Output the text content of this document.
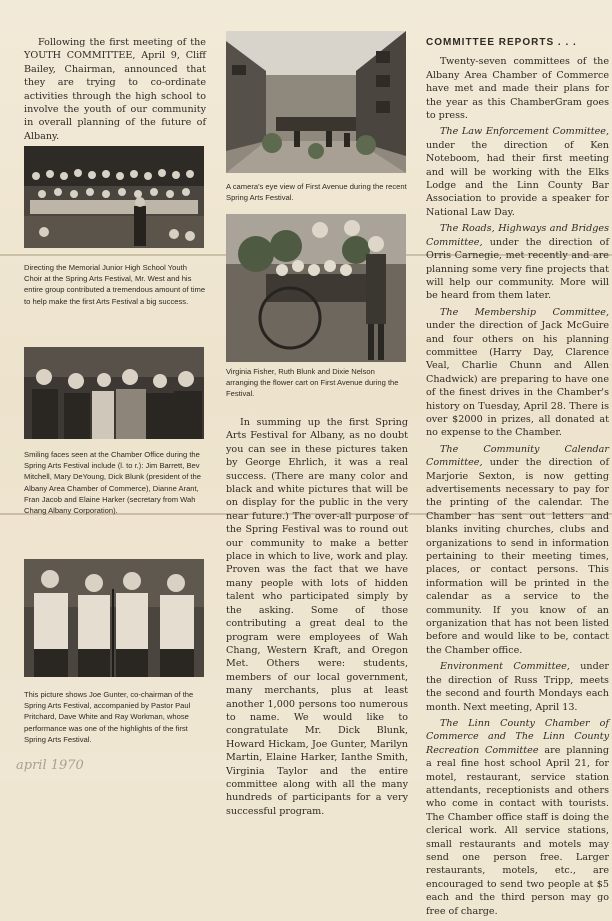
Following the first meeting of the YOUTH COMMITTEE, April 9, Cliff Bailey, Chairman, announced that they are trying to co-ordinate activities through the high school to involve the youth of our community in overall planning of the future of Albany.

Directing the Memorial Junior High School Youth Choir at the Spring Arts Festival, Mr. West and his entire group contributed a tremendous amount of time to help make the first Arts Festival a big success.
Smiling faces seen at the Chamber Office during the Spring Arts Festival include (l. to r.): Jim Barrett, Bev Mitchell, Mary DeYoung, Dick Blunk (president of the Albany Area Chamber of Commerce), Dianne Arant, Fran Jacob and Elaine Harker (secretary from Wah Chang Albany Corporation).
This picture shows Joe Gunter, co-chairman of the Spring Arts Festival, accompanied by Pastor Paul Pritchard, Dave White and Ray Workman, whose performance was one of the highlights of the first Spring Arts Festival.
A camera's eye view of First Avenue during the recent Spring Arts Festival.
Virginia Fisher, Ruth Blunk and Dixie Nelson arranging the flower cart on First Avenue during the Festival.

In summing up the first Spring Arts Festival for Albany, as no doubt you can see in these pictures taken by George Ehrlich, it was a real success. (There are many color and black and white pictures that will be on display for the public in the very near future.) The over-all purpose of the Spring Festival was to round out our community to make a better place in which to live, work and play. Proven was the fact that we have many people with lots of hidden talent who participated simply by the asking. Some of those contributing a great deal to the program were employees of Wah Chang, Western Kraft, and Oregon Met. Others were: students, members of our local government, many merchants, plus at least another 1,000 persons too numerous to name. We would like to congratulate Mr. Dick Blunk, Howard Hickam, Joe Gunter, Marilyn Martin, Elaine Harker, Ianthe Smith, Virginia Taylor and the entire committee along with all the many hundreds of participants for a very successful program.

COMMITTEE REPORTS . . .

Twenty-seven committees of the Albany Area Chamber of Commerce have met and made their plans for the year as this ChamberGram goes to press.

The Law Enforcement Committee, under the direction of Ken Noteboom, had their first meeting and will be working with the Elks Lodge and the Linn County Bar Association to provide a speaker for National Law Day.

The Roads, Highways and Bridges Committee, under the direction of Orris Carnegie, met recently and are planning some very fine projects that will help our community. More will be heard from them later.

The Membership Committee, under the direction of Jack McGuire and four others on his planning committee (Harry Day, Clarence Veal, Charlie Chunn and Allen Chadwick) are preparing to have one of the finest drives in the Chamber's history on Tuesday, April 28. There is over $2000 in prizes, all donated at no expense to the Chamber.

The Community Calendar Committee, under the direction of Marjorie Sexton, is now getting advertisements necessary to pay for the printing of the calendar. The Chamber has sent out letters and blanks inviting churches, clubs and organizations to send in information pertaining to their meeting times, places, or contact persons. This information will be printed in the calendar as a service to the community. If you know of an organization that has not been listed before and would like to be, contact the Chamber office.

Environment Committee, under the direction of Russ Tripp, meets the second and fourth Mondays each month. Next meeting, April 13.

The Linn County Chamber of Commerce and The Linn County Recreation Committee are planning a real fine host school April 21, for motel, restaurant, service station attendants, receptionists and others who come in contact with tourists. The Chamber office staff is doing the clerical work. All service stations, small restaurants and motels may send one person free. Larger restaurants, motels, etc., are encouraged to send two people at $5 each and the third person may go free of charge.

april 1970
